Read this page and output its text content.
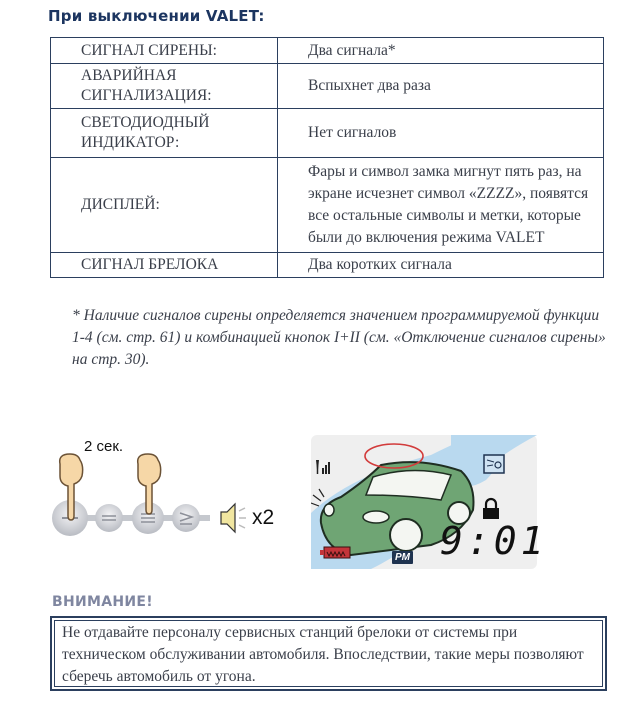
При выключении VALET:
СИГНАЛ СИРЕНЫ:	Два сигнала*

АВАРИЙНАЯ СИГНАЛИЗАЦИЯ:	Вспыхнет два раза

СВЕТОДИОДНЫЙ ИНДИКАТОР:	Нет сигналов
ДИСПЛЕЙ:	Фары и символ замка мигнут пять раз, на экране исчезнет символ «ZZZZ», появятся все остальные символы и метки, которые были до включения режима VALET
СИГНАЛ БРЕЛОКА	Два коротких сигнала
* Наличие сигналов сирены определяется значением программируемой функции 1-4 (см. стр. 61) и комбинацией кнопок I+II (см. «Отключение сигналов сирены» на стр. 30).
2 сек.
x2
PM 9:01
ВНИМАНИЕ!
Не отдавайте персоналу сервисных станций брелоки от системы при техническом обслуживании автомобиля. Впоследствии, такие меры позволяют сберечь автомобиль от угона.
